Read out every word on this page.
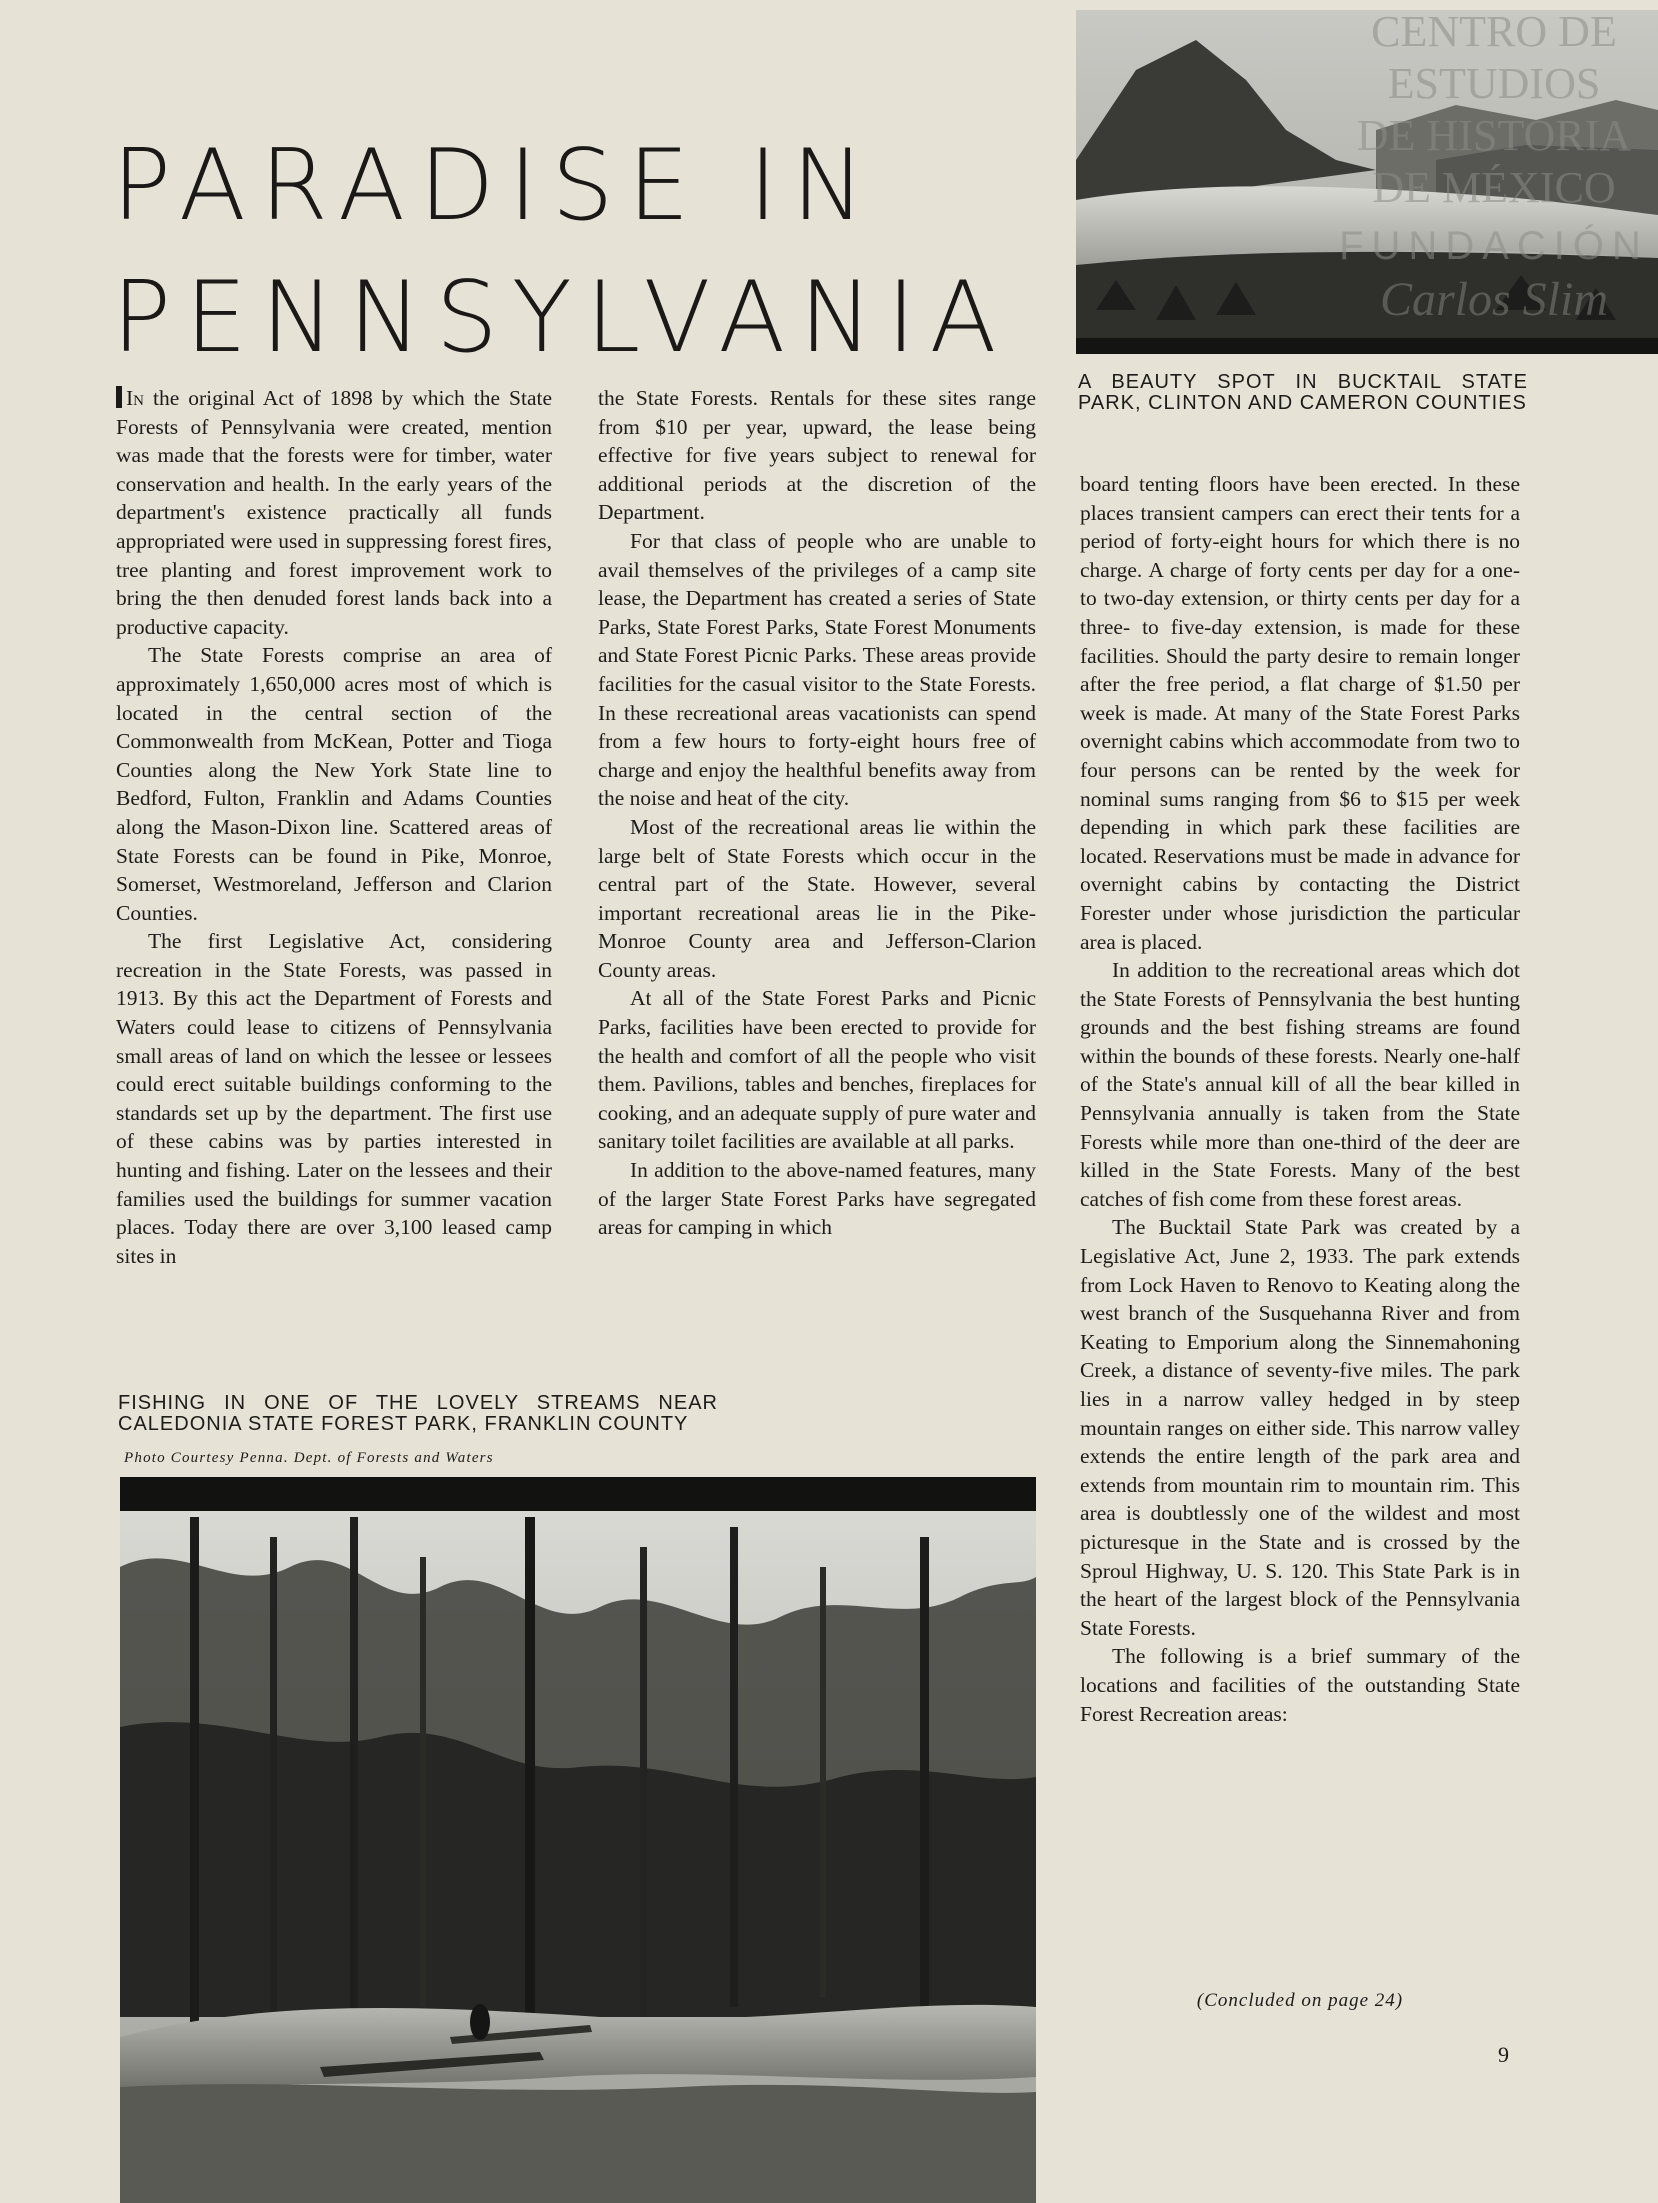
CENTRO DE
ESTUDIOS
DE HISTORIA
DE MÉXICO
FUNDACIÓN
Carlos Slim
PARADISE IN
PENNSYLVANIA
A BEAUTY SPOT IN BUCKTAIL STATE PARK, CLINTON AND CAMERON COUNTIES

In the original Act of 1898 by which the State Forests of Pennsylvania were created, mention was made that the forests were for timber, water conservation and health. In the early years of the department's existence practically all funds appropriated were used in suppressing forest fires, tree planting and forest improvement work to bring the then denuded forest lands back into a productive capacity.

The State Forests comprise an area of approximately 1,650,000 acres most of which is located in the central section of the Commonwealth from McKean, Potter and Tioga Counties along the New York State line to Bedford, Fulton, Franklin and Adams Counties along the Mason-Dixon line. Scattered areas of State Forests can be found in Pike, Monroe, Somerset, Westmoreland, Jefferson and Clarion Counties.

The first Legislative Act, considering recreation in the State Forests, was passed in 1913. By this act the Department of Forests and Waters could lease to citizens of Pennsylvania small areas of land on which the lessee or lessees could erect suitable buildings conforming to the standards set up by the department. The first use of these cabins was by parties interested in hunting and fishing. Later on the lessees and their families used the buildings for summer vacation places. Today there are over 3,100 leased camp sites in

the State Forests. Rentals for these sites range from $10 per year, upward, the lease being effective for five years subject to renewal for additional periods at the discretion of the Department.

For that class of people who are unable to avail themselves of the privileges of a camp site lease, the Department has created a series of State Parks, State Forest Parks, State Forest Monuments and State Forest Picnic Parks. These areas provide facilities for the casual visitor to the State Forests. In these recreational areas vacationists can spend from a few hours to forty-eight hours free of charge and enjoy the healthful benefits away from the noise and heat of the city.

Most of the recreational areas lie within the large belt of State Forests which occur in the central part of the State. However, several important recreational areas lie in the Pike-Monroe County area and Jefferson-Clarion County areas.

At all of the State Forest Parks and Picnic Parks, facilities have been erected to provide for the health and comfort of all the people who visit them. Pavilions, tables and benches, fireplaces for cooking, and an adequate supply of pure water and sanitary toilet facilities are available at all parks.

In addition to the above-named features, many of the larger State Forest Parks have segregated areas for camping in which

board tenting floors have been erected. In these places transient campers can erect their tents for a period of forty-eight hours for which there is no charge. A charge of forty cents per day for a one- to two-day extension, or thirty cents per day for a three- to five-day extension, is made for these facilities. Should the party desire to remain longer after the free period, a flat charge of $1.50 per week is made. At many of the State Forest Parks overnight cabins which accommodate from two to four persons can be rented by the week for nominal sums ranging from $6 to $15 per week depending in which park these facilities are located. Reservations must be made in advance for overnight cabins by contacting the District Forester under whose jurisdiction the particular area is placed.

In addition to the recreational areas which dot the State Forests of Pennsylvania the best hunting grounds and the best fishing streams are found within the bounds of these forests. Nearly one-half of the State's annual kill of all the bear killed in Pennsylvania annually is taken from the State Forests while more than one-third of the deer are killed in the State Forests. Many of the best catches of fish come from these forest areas.

The Bucktail State Park was created by a Legislative Act, June 2, 1933. The park extends from Lock Haven to Renovo to Keating along the west branch of the Susquehanna River and from Keating to Emporium along the Sinnemahoning Creek, a distance of seventy-five miles. The park lies in a narrow valley hedged in by steep mountain ranges on either side. This narrow valley extends the entire length of the park area and extends from mountain rim to mountain rim. This area is doubtlessly one of the wildest and most picturesque in the State and is crossed by the Sproul Highway, U. S. 120. This State Park is in the heart of the largest block of the Pennsylvania State Forests.

The following is a brief summary of the locations and facilities of the outstanding State Forest Recreation areas:

(Concluded on page 24)
9
FISHING IN ONE OF THE LOVELY STREAMS NEAR CALEDONIA STATE FOREST PARK, FRANKLIN COUNTY
Photo Courtesy Penna. Dept. of Forests and Waters
